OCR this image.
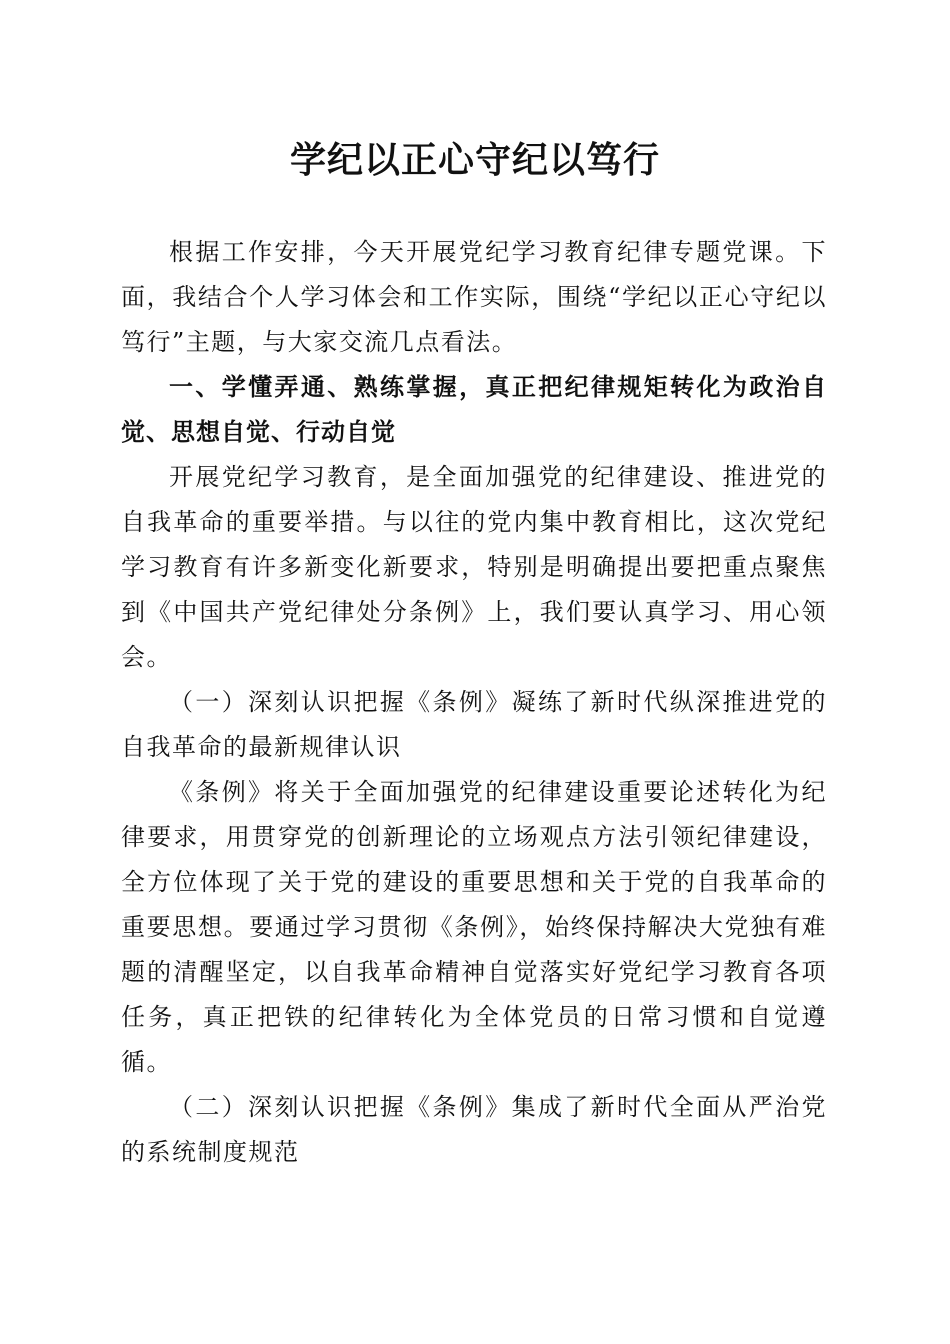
学纪以正心守纪以笃行

根据工作安排，今天开展党纪学习教育纪律专题党课。下面，我结合个人学习体会和工作实际，围绕“学纪以正心守纪以笃行”主题，与大家交流几点看法。

一、学懂弄通、熟练掌握，真正把纪律规矩转化为政治自觉、思想自觉、行动自觉

开展党纪学习教育，是全面加强党的纪律建设、推进党的自我革命的重要举措。与以往的党内集中教育相比，这次党纪学习教育有许多新变化新要求，特别是明确提出要把重点聚焦到《中国共产党纪律处分条例》上，我们要认真学习、用心领会。

（一）深刻认识把握《条例》凝练了新时代纵深推进党的自我革命的最新规律认识

《条例》将关于全面加强党的纪律建设重要论述转化为纪律要求，用贯穿党的创新理论的立场观点方法引领纪律建设，全方位体现了关于党的建设的重要思想和关于党的自我革命的重要思想。要通过学习贯彻《条例》，始终保持解决大党独有难题的清醒坚定，以自我革命精神自觉落实好党纪学习教育各项任务，真正把铁的纪律转化为全体党员的日常习惯和自觉遵循。

（二）深刻认识把握《条例》集成了新时代全面从严治党的系统制度规范
